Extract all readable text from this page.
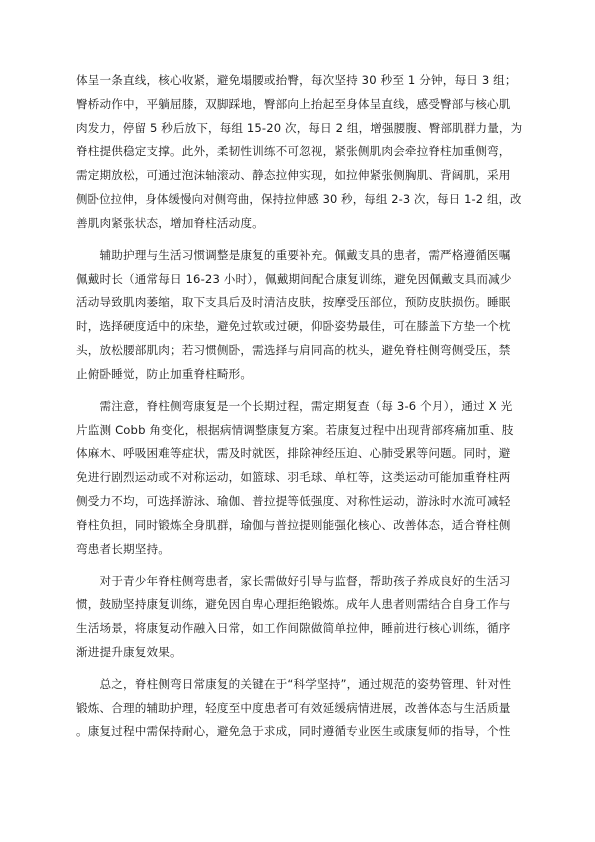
体呈一条直线，核心收紧，避免塌腰或抬臀，每次坚持 30 秒至 1 分钟，每日 3 组；
臀桥动作中，平躺屈膝，双脚踩地，臀部向上抬起至身体呈直线，感受臀部与核心肌
肉发力，停留 5 秒后放下，每组 15-20 次，每日 2 组，增强腰腹、臀部肌群力量，为
脊柱提供稳定支撑。此外，柔韧性训练不可忽视，紧张侧肌肉会牵拉脊柱加重侧弯，
需定期放松，可通过泡沫轴滚动、静态拉伸实现，如拉伸紧张侧胸肌、背阔肌，采用
侧卧位拉伸，身体缓慢向对侧弯曲，保持拉伸感 30 秒，每组 2-3 次，每日 1-2 组，改
善肌肉紧张状态，增加脊柱活动度。
　　辅助护理与生活习惯调整是康复的重要补充。佩戴支具的患者，需严格遵循医嘱
佩戴时长（通常每日 16-23 小时），佩戴期间配合康复训练，避免因佩戴支具而减少
活动导致肌肉萎缩，取下支具后及时清洁皮肤，按摩受压部位，预防皮肤损伤。睡眠
时，选择硬度适中的床垫，避免过软或过硬，仰卧姿势最佳，可在膝盖下方垫一个枕
头，放松腰部肌肉；若习惯侧卧，需选择与肩同高的枕头，避免脊柱侧弯侧受压，禁
止俯卧睡觉，防止加重脊柱畸形。
　　需注意，脊柱侧弯康复是一个长期过程，需定期复查（每 3-6 个月），通过 X 光
片监测 Cobb 角变化，根据病情调整康复方案。若康复过程中出现背部疼痛加重、肢
体麻木、呼吸困难等症状，需及时就医，排除神经压迫、心肺受累等问题。同时，避
免进行剧烈运动或不对称运动，如篮球、羽毛球、单杠等，这类运动可能加重脊柱两
侧受力不均，可选择游泳、瑜伽、普拉提等低强度、对称性运动，游泳时水流可减轻
脊柱负担，同时锻炼全身肌群，瑜伽与普拉提则能强化核心、改善体态，适合脊柱侧
弯患者长期坚持。
　　对于青少年脊柱侧弯患者，家长需做好引导与监督，帮助孩子养成良好的生活习
惯，鼓励坚持康复训练，避免因自卑心理拒绝锻炼。成年人患者则需结合自身工作与
生活场景，将康复动作融入日常，如工作间隙做简单拉伸，睡前进行核心训练，循序
渐进提升康复效果。
　　总之，脊柱侧弯日常康复的关键在于“科学坚持”，通过规范的姿势管理、针对性
锻炼、合理的辅助护理，轻度至中度患者可有效延缓病情进展，改善体态与生活质量
。康复过程中需保持耐心，避免急于求成，同时遵循专业医生或康复师的指导，个性
